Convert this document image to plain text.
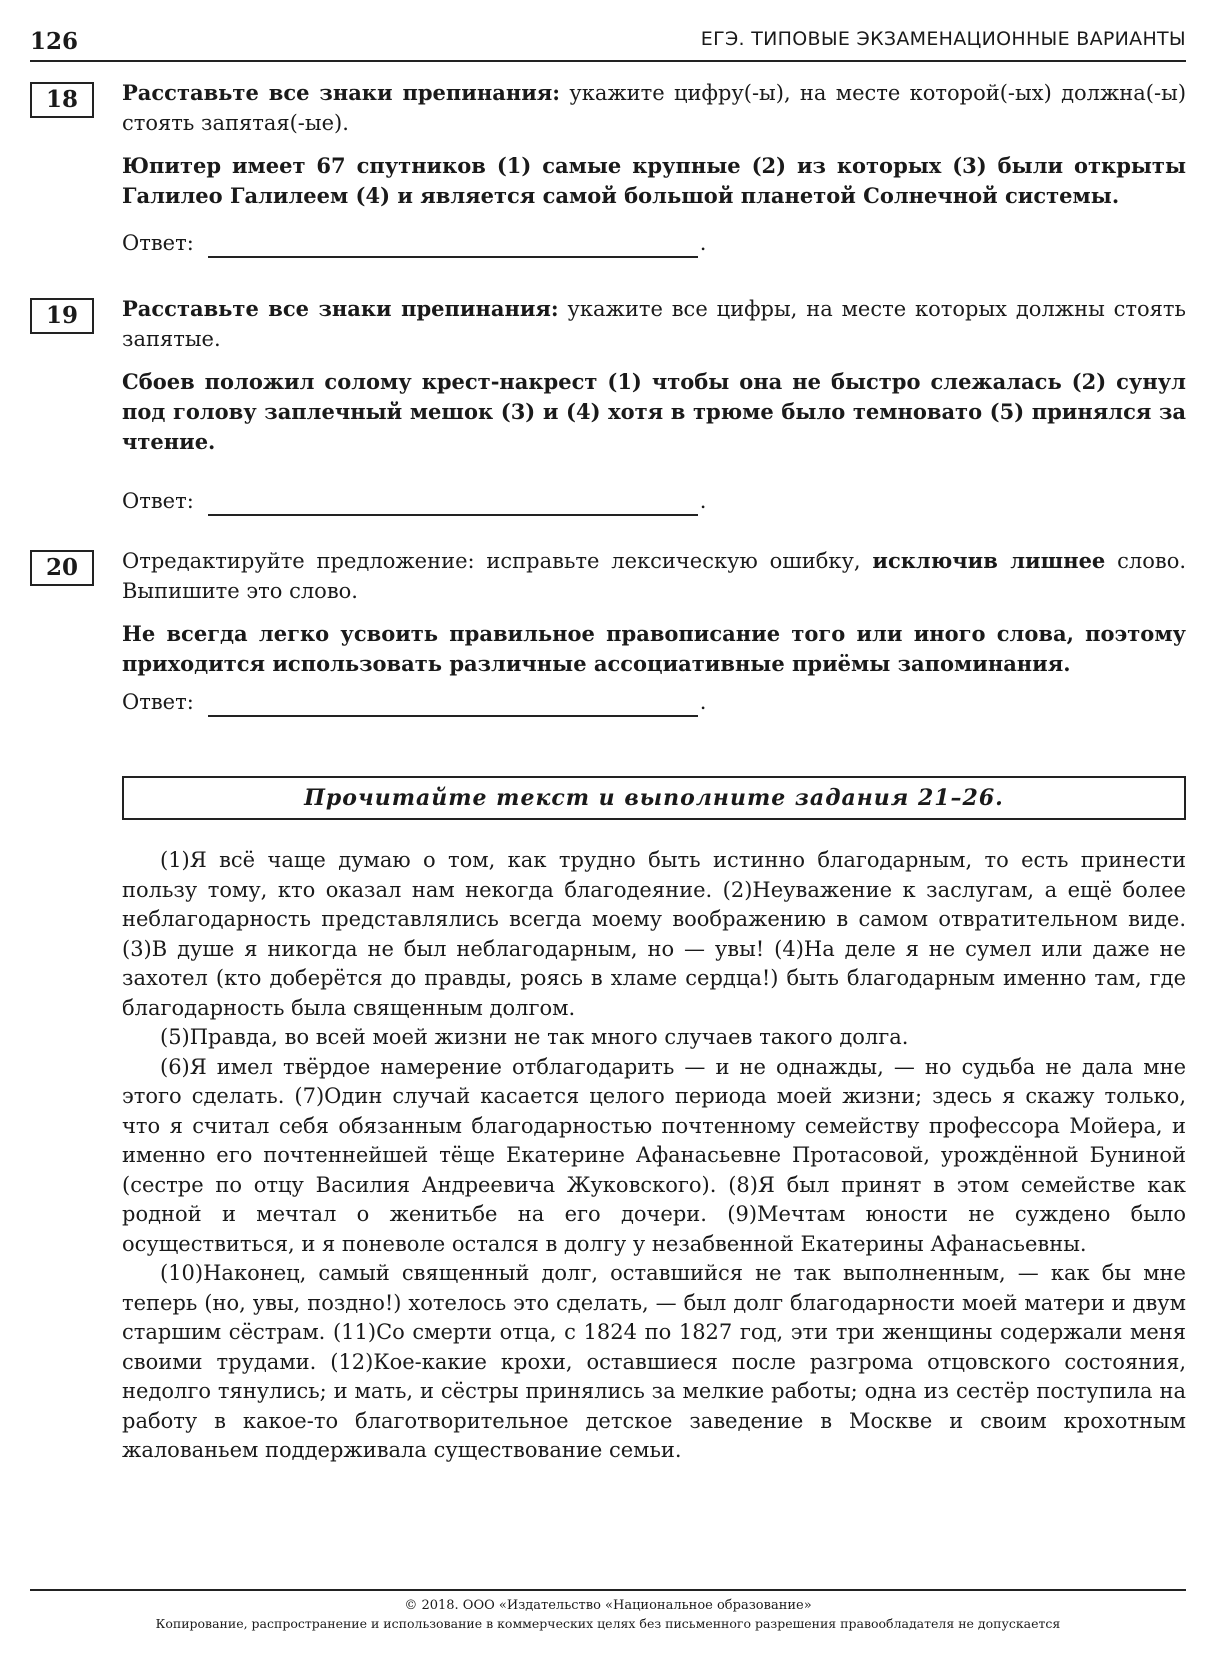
126	ЕГЭ. ТИПОВЫЕ ЭКЗАМЕНАЦИОННЫЕ ВАРИАНТЫ
18	Расставьте все знаки препинания: укажите цифру(-ы), на месте которой(-ых) должна(-ы) стоять запятая(-ые).

Юпитер имеет 67 спутников (1) самые крупные (2) из которых (3) были открыты Галилео Галилеем (4) и является самой большой планетой Солнечной системы.

Ответ:	.
19	Расставьте все знаки препинания: укажите все цифры, на месте которых должны стоять запятые.

Сбоев положил солому крест-накрест (1) чтобы она не быстро слежалась (2) сунул под голову заплечный мешок (3) и (4) хотя в трюме было темновато (5) принялся за чтение.

Ответ:	.
20	Отредактируйте предложение: исправьте лексическую ошибку, исключив лишнее слово. Выпишите это слово.

Не всегда легко усвоить правильное правописание того или иного слова, поэтому приходится использовать различные ассоциативные приёмы запоминания.

Ответ:	.
Прочитайте текст и выполните задания 21–26.

(1)Я всё чаще думаю о том, как трудно быть истинно благодарным, то есть принести пользу тому, кто оказал нам некогда благодеяние. (2)Неуважение к заслугам, а ещё более неблагодарность представлялись всегда моему воображению в самом отвратительном виде. (3)В душе я никогда не был неблагодарным, но — увы! (4)На деле я не сумел или даже не захотел (кто доберётся до правды, роясь в хламе сердца!) быть благодарным именно там, где благодарность была священным долгом.

(5)Правда, во всей моей жизни не так много случаев такого долга.

(6)Я имел твёрдое намерение отблагодарить — и не однажды, — но судьба не дала мне этого сделать. (7)Один случай касается целого периода моей жизни; здесь я скажу только, что я считал себя обязанным благодарностью почтенному семейству профессора Мойера, и именно его почтеннейшей тёще Екатерине Афанасьевне Протасовой, урождённой Буниной (сестре по отцу Василия Андреевича Жуковского). (8)Я был принят в этом семействе как родной и мечтал о женитьбе на его дочери. (9)Мечтам юности не суждено было осуществиться, и я поневоле остался в долгу у незабвенной Екатерины Афанасьевны.

(10)Наконец, самый священный долг, оставшийся не так выполненным, — как бы мне теперь (но, увы, поздно!) хотелось это сделать, — был долг благодарности моей матери и двум старшим сёстрам. (11)Со смерти отца, с 1824 по 1827 год, эти три женщины содержали меня своими трудами. (12)Кое-какие крохи, оставшиеся после разгрома отцовского состояния, недолго тянулись; и мать, и сёстры принялись за мелкие работы; одна из сестёр поступила на работу в какое-то благотворительное детское заведение в Москве и своим крохотным жалованьем поддерживала существование семьи.

© 2018. ООО «Издательство «Национальное образование»
Копирование, распространение и использование в коммерческих целях без письменного разрешения правообладателя не допускается
